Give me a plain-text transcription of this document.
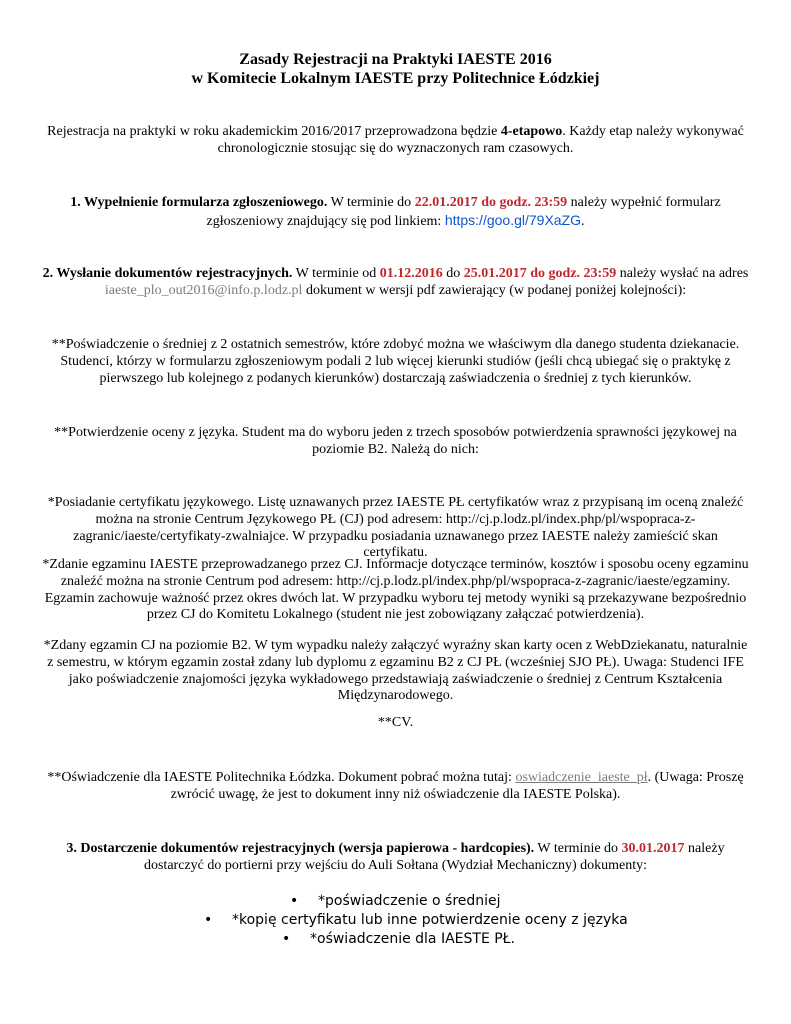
Zasady Rejestracji na Praktyki IAESTE 2016
w Komitecie Lokalnym IAESTE przy Politechnice Łódzkiej
Rejestracja na praktyki w roku akademickim 2016/2017 przeprowadzona będzie 4-etapowo. Każdy etap należy wykonywać chronologicznie stosując się do wyznaczonych ram czasowych.
1. Wypełnienie formularza zgłoszeniowego. W terminie do 22.01.2017 do godz. 23:59 należy wypełnić formularz zgłoszeniowy znajdujący się pod linkiem: https://goo.gl/79XaZG.
2. Wysłanie dokumentów rejestracyjnych. W terminie od 01.12.2016 do 25.01.2017 do godz. 23:59 należy wysłać na adres iaeste_plo_out2016@info.p.lodz.pl dokument w wersji pdf zawierający (w podanej poniżej kolejności):
**Poświadczenie o średniej z 2 ostatnich semestrów, które zdobyć można we właściwym dla danego studenta dziekanacie. Studenci, którzy w formularzu zgłoszeniowym podali 2 lub więcej kierunki studiów (jeśli chcą ubiegać się o praktykę z pierwszego lub kolejnego z podanych kierunków) dostarczają zaświadczenia o średniej z tych kierunków.
**Potwierdzenie oceny z języka. Student ma do wyboru jeden z trzech sposobów potwierdzenia sprawności językowej na poziomie B2. Należą do nich:
*Posiadanie certyfikatu językowego. Listę uznawanych przez IAESTE PŁ certyfikatów wraz z przypisaną im oceną znaleźć można na stronie Centrum Językowego PŁ (CJ) pod adresem: http://cj.p.lodz.pl/index.php/pl/wspopraca-z-zagranic/iaeste/certyfikaty-zwalniajce. W przypadku posiadania uznawanego przez IAESTE należy zamieścić skan certyfikatu.
*Zdanie egzaminu IAESTE przeprowadzanego przez CJ. Informacje dotyczące terminów, kosztów i sposobu oceny egzaminu znaleźć można na stronie Centrum pod adresem: http://cj.p.lodz.pl/index.php/pl/wspopraca-z-zagranic/iaeste/egzaminy. Egzamin zachowuje ważność przez okres dwóch lat. W przypadku wyboru tej metody wyniki są przekazywane bezpośrednio przez CJ do Komitetu Lokalnego (student nie jest zobowiązany załączać potwierdzenia).
*Zdany egzamin CJ na poziomie B2. W tym wypadku należy załączyć wyraźny skan karty ocen z WebDziekanatu, naturalnie z semestru, w którym egzamin został zdany lub dyplomu z egzaminu B2 z CJ PŁ (wcześniej SJO PŁ). Uwaga: Studenci IFE jako poświadczenie znajomości języka wykładowego przedstawiają zaświadczenie o średniej z Centrum Kształcenia Międzynarodowego.
**CV.
**Oświadczenie dla IAESTE Politechnika Łódzka. Dokument pobrać można tutaj: oswiadczenie_iaeste_pł. (Uwaga: Proszę zwrócić uwagę, że jest to dokument inny niż oświadczenie dla IAESTE Polska).
3. Dostarczenie dokumentów rejestracyjnych (wersja papierowa - hardcopies). W terminie do 30.01.2017 należy dostarczyć do portierni przy wejściu do Auli Sołtana (Wydział Mechaniczny) dokumenty:
• *poświadczenie o średniej
• *kopię certyfikatu lub inne potwierdzenie oceny z języka
• *oświadczenie dla IAESTE PŁ.
